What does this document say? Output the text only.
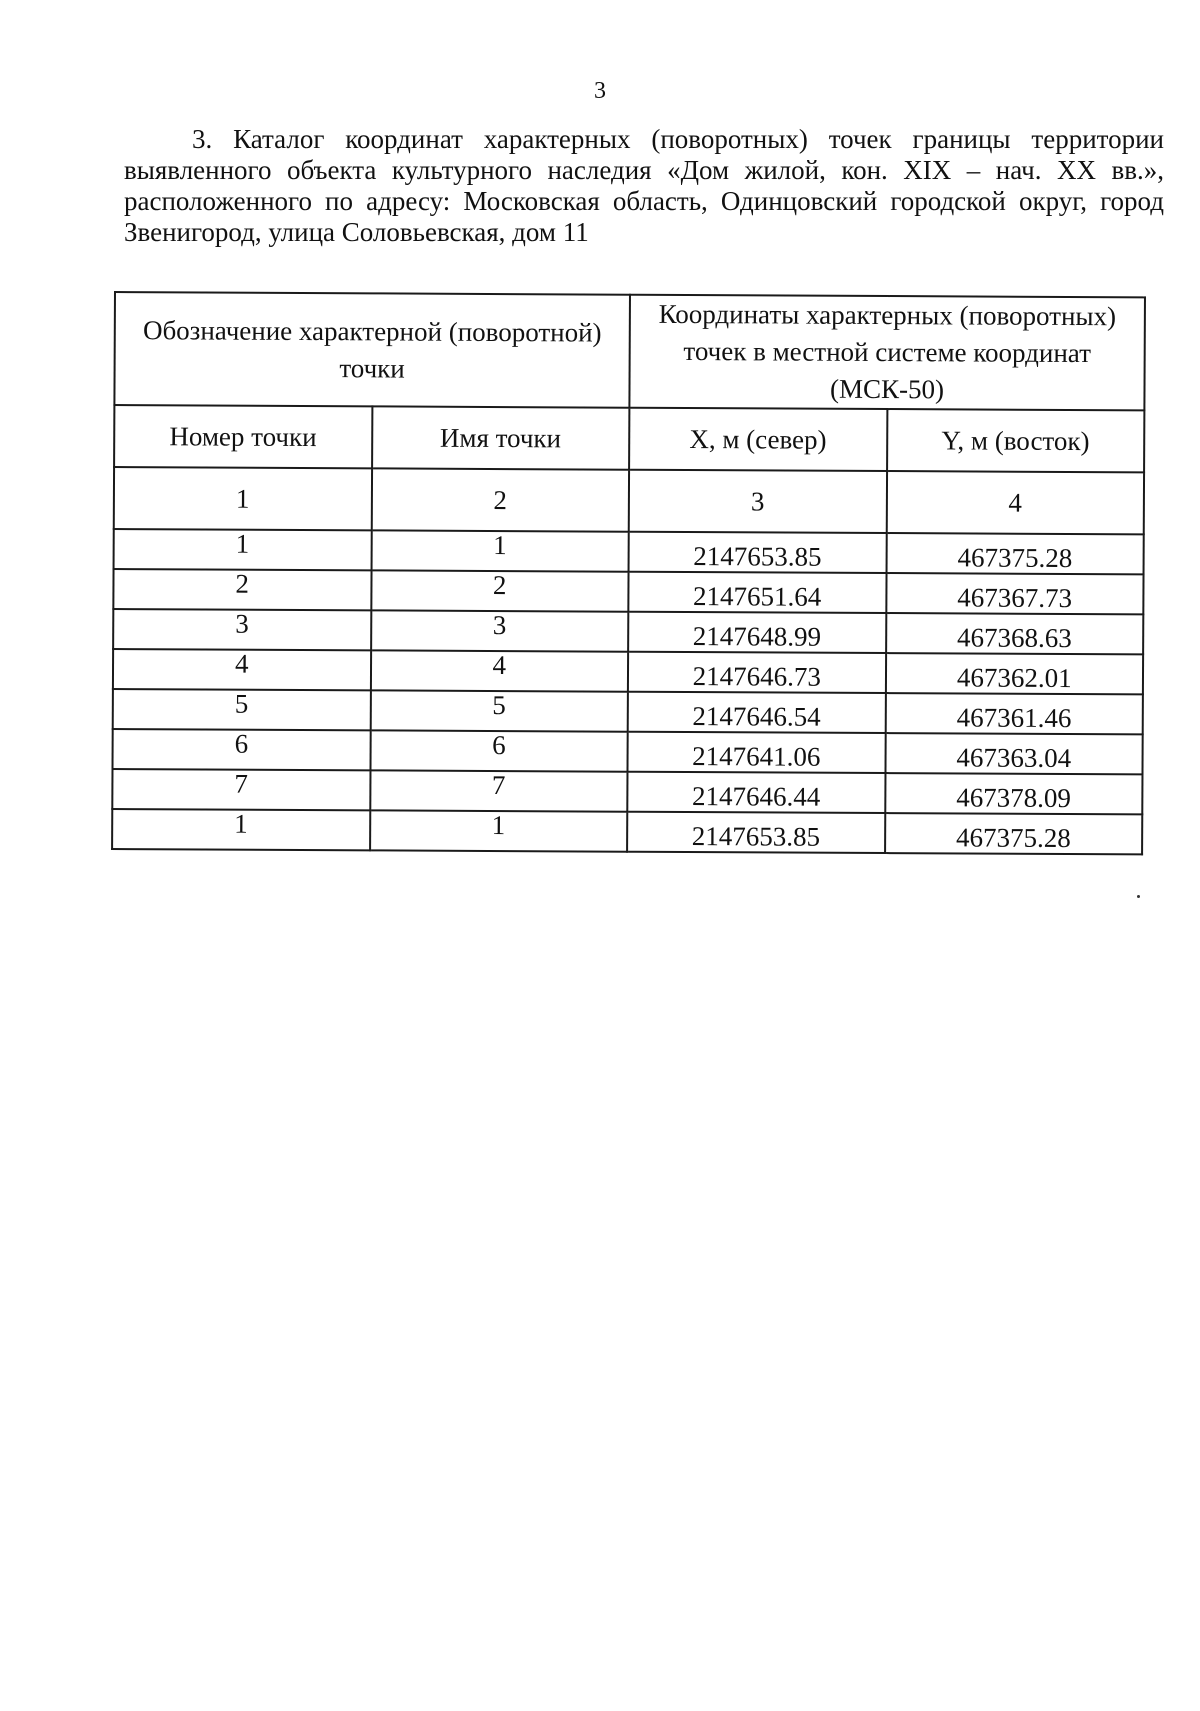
3

3. Каталог координат характерных (поворотных) точек границы территории выявленного объекта культурного наследия «Дом жилой, кон. XIX – нач. XX вв.», расположенного по адресу: Московская область, Одинцовский городской округ, город Звенигород, улица Соловьевская, дом 11

Обозначение характерной (поворотной) точки		Координаты характерных (поворотных) точек в местной системе координат (МСК-50)	
Номер точки	Имя точки	X, м (север)	Y, м (восток)
1	2	3	4
1	1	2147653.85	467375.28
2	2	2147651.64	467367.73
3	3	2147648.99	467368.63
4	4	2147646.73	467362.01
5	5	2147646.54	467361.46
6	6	2147641.06	467363.04
7	7	2147646.44	467378.09
1	1	2147653.85	467375.28
